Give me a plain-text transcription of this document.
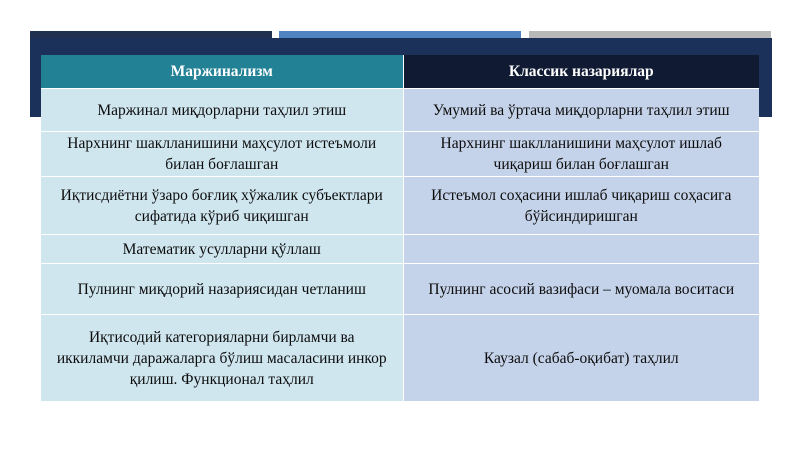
Маржинализм	Классик назариялар
Маржинал миқдорларни таҳлил этиш	Умумий ва ўртача миқдорларни таҳлил этиш
Нархнинг шаклланишини маҳсулот истеъмоли билан боғлашган	Нархнинг шаклланишини маҳсулот ишлаб чиқариш билан боғлашган
Иқтисдиётни ўзаро боғлиқ хўжалик субъектлари сифатида кўриб чиқишган	Истеъмол соҳасини ишлаб чиқариш соҳасига бўйсиндиришган
Математик усулларни қўллаш	
Пулнинг миқдорий назариясидан четланиш	Пулнинг асосий вазифаси – муомала воситаси
Иқтисодий категорияларни бирламчи ва иккиламчи даражаларга бўлиш масаласини инкор қилиш. Функционал таҳлил	Каузал (сабаб-оқибат) таҳлил
